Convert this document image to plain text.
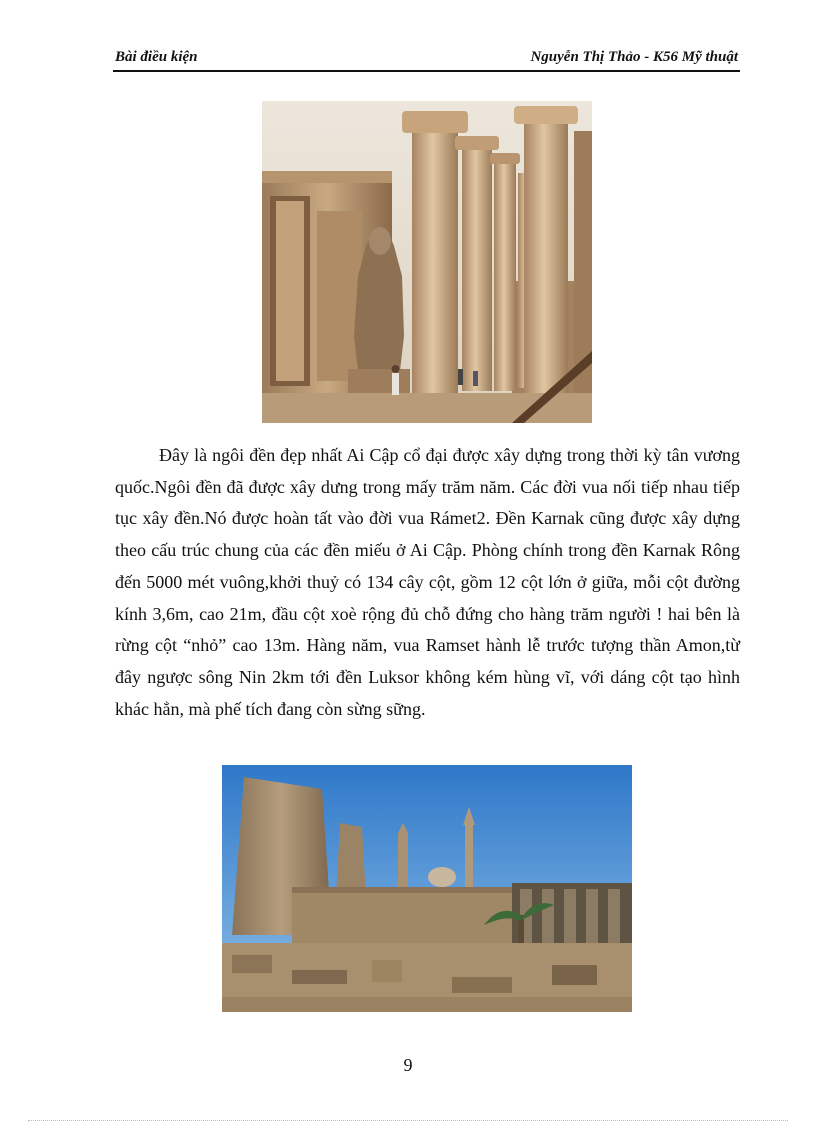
Bài điều kiện	Nguyễn Thị Thảo - K56 Mỹ thuật

Đây là ngôi đền đẹp nhất Ai Cập cổ đại được xây dựng trong thời kỳ tân vương quốc.Ngôi đền đã được xây dưng trong mấy trăm năm. Các đời vua nối tiếp nhau tiếp tục xây đền.Nó được hoàn tất vào đời vua Rámet2. Đền Karnak cũng được xây dựng theo cấu trúc chung của các đền miếu ở Ai Cập. Phòng chính trong đền Karnak Rông đến 5000 mét vuông,khởi thuỷ có 134 cây cột, gồm 12 cột lớn ở giữa, mỗi cột đường kính 3,6m, cao 21m, đầu cột xoè rộng đủ chỗ đứng cho hàng trăm người ! hai bên là rừng cột “nhỏ” cao 13m. Hàng năm, vua Ramset hành lễ trước tượng thần Amon,từ đây ngược sông Nin 2km tới đền Luksor không kém hùng vĩ, với dáng cột tạo hình khác hẳn, mà phế tích đang còn sừng sững.

9
